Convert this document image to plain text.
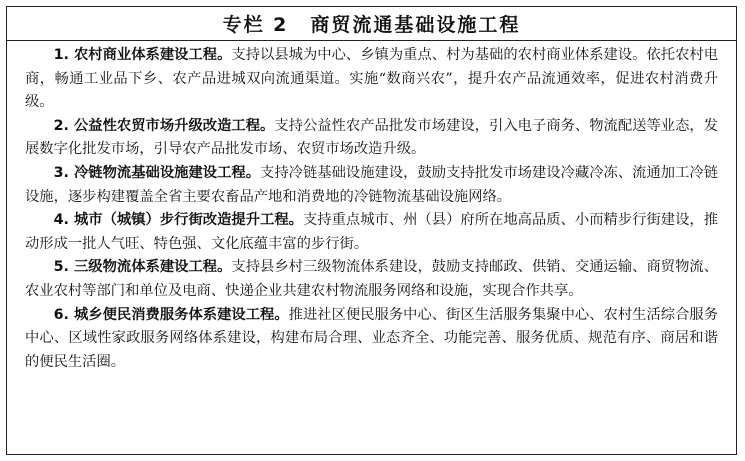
专栏 2 商贸流通基础设施工程

1. 农村商业体系建设工程。支持以县城为中心、乡镇为重点、村为基础的农村商业体系建设。依托农村电商，畅通工业品下乡、农产品进城双向流通渠道。实施“数商兴农”，提升农产品流通效率，促进农村消费升级。

2. 公益性农贸市场升级改造工程。支持公益性农产品批发市场建设，引入电子商务、物流配送等业态，发展数字化批发市场，引导农产品批发市场、农贸市场改造升级。

3. 冷链物流基础设施建设工程。支持冷链基础设施建设，鼓励支持批发市场建设冷藏冷冻、流通加工冷链设施，逐步构建覆盖全省主要农畜品产地和消费地的冷链物流基础设施网络。

4. 城市（城镇）步行街改造提升工程。支持重点城市、州（县）府所在地高品质、小而精步行街建设，推动形成一批人气旺、特色强、文化底蕴丰富的步行街。

5. 三级物流体系建设工程。支持县乡村三级物流体系建设，鼓励支持邮政、供销、交通运输、商贸物流、农业农村等部门和单位及电商、快递企业共建农村物流服务网络和设施，实现合作共享。

6. 城乡便民消费服务体系建设工程。推进社区便民服务中心、街区生活服务集聚中心、农村生活综合服务中心、区域性家政服务网络体系建设，构建布局合理、业态齐全、功能完善、服务优质、规范有序、商居和谐的便民生活圈。
